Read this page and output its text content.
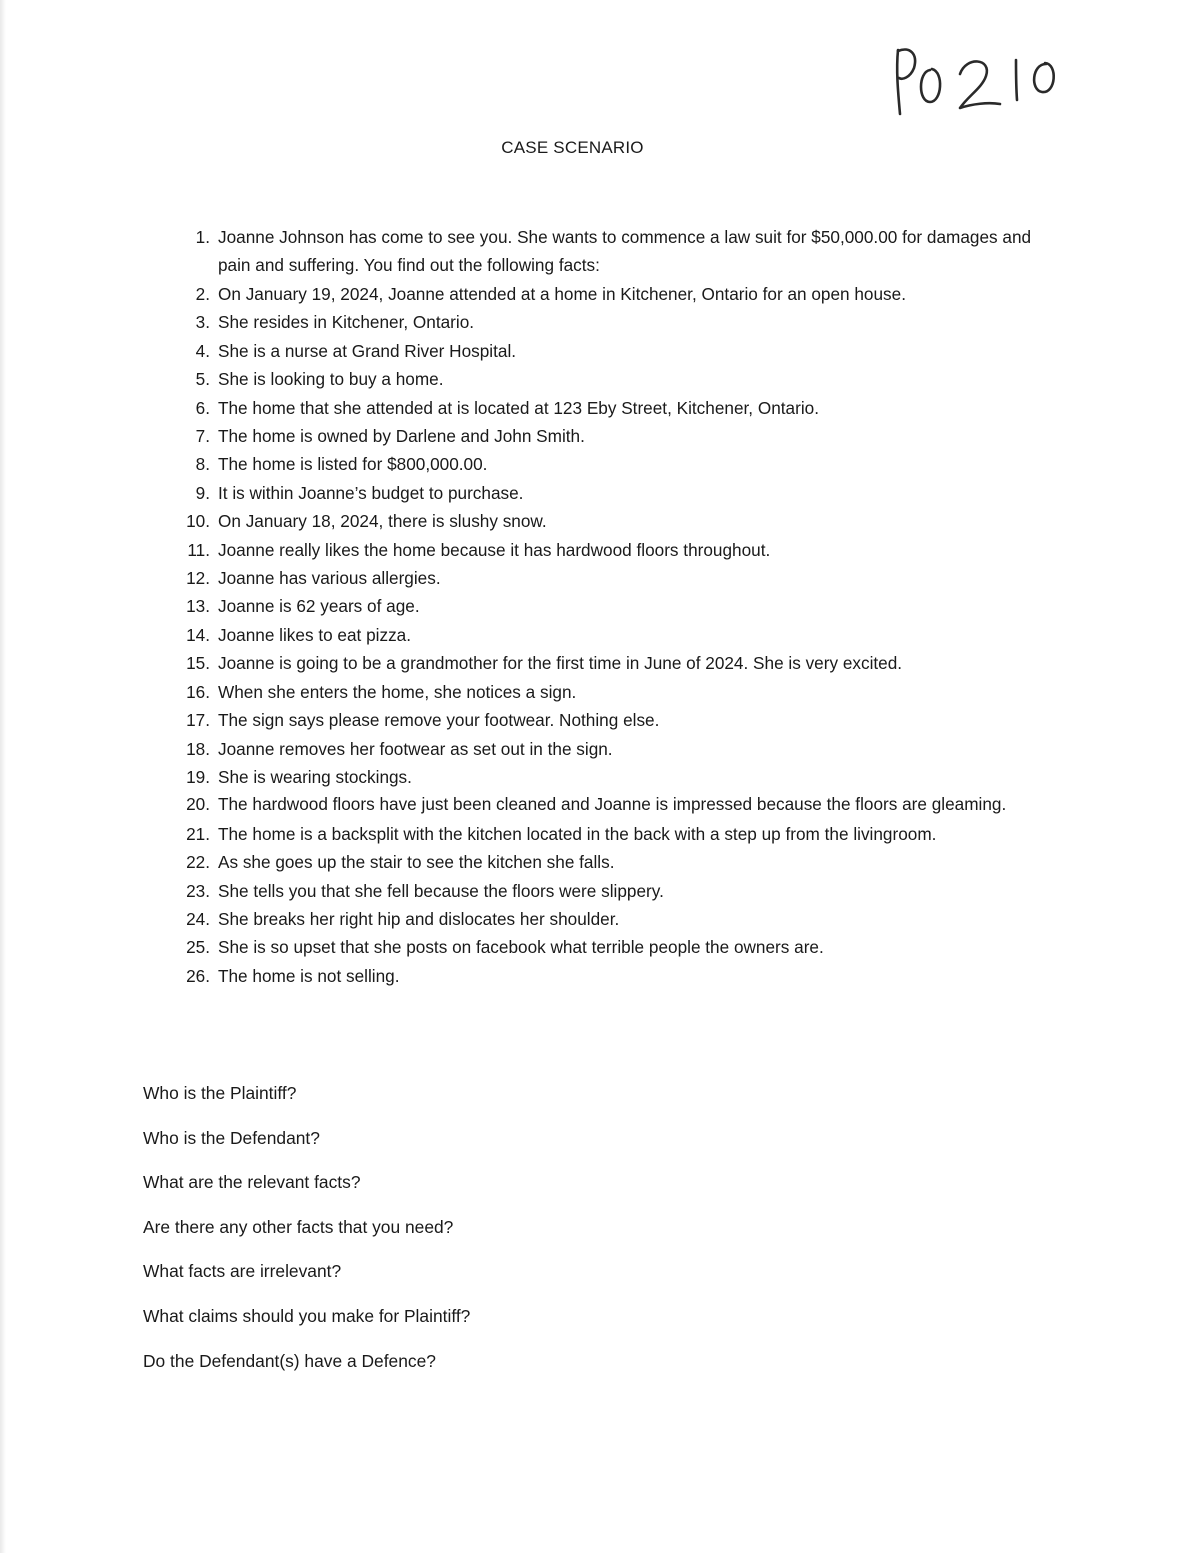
CASE SCENARIO
1. Joanne Johnson has come to see you. She wants to commence a law suit for $50,000.00 for damages and pain and suffering. You find out the following facts:
2. On January 19, 2024, Joanne attended at a home in Kitchener, Ontario for an open house.
3. She resides in Kitchener, Ontario.
4. She is a nurse at Grand River Hospital.
5. She is looking to buy a home.
6. The home that she attended at is located at 123 Eby Street, Kitchener, Ontario.
7. The home is owned by Darlene and John Smith.
8. The home is listed for $800,000.00.
9. It is within Joanne’s budget to purchase.
10. On January 18, 2024, there is slushy snow.
11. Joanne really likes the home because it has hardwood floors throughout.
12. Joanne has various allergies.
13. Joanne is 62 years of age.
14. Joanne likes to eat pizza.
15. Joanne is going to be a grandmother for the first time in June of 2024. She is very excited.
16. When she enters the home, she notices a sign.
17. The sign says please remove your footwear. Nothing else.
18. Joanne removes her footwear as set out in the sign.
19. She is wearing stockings.
20. The hardwood floors have just been cleaned and Joanne is impressed because the floors are gleaming.
21. The home is a backsplit with the kitchen located in the back with a step up from the livingroom.
22. As she goes up the stair to see the kitchen she falls.
23. She tells you that she fell because the floors were slippery.
24. She breaks her right hip and dislocates her shoulder.
25. She is so upset that she posts on facebook what terrible people the owners are.
26. The home is not selling.
Who is the Plaintiff?
Who is the Defendant?
What are the relevant facts?
Are there any other facts that you need?
What facts are irrelevant?
What claims should you make for Plaintiff?
Do the Defendant(s) have a Defence?
